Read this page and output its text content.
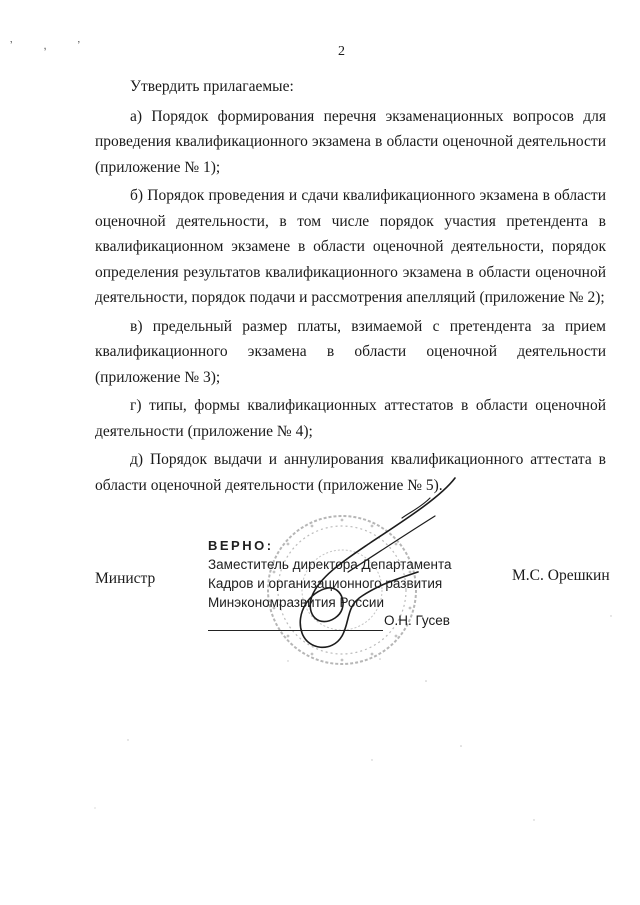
ʼ , ʼ	2

Утвердить прилагаемые:

а) Порядок формирования перечня экзаменационных вопросов для проведения квалификационного экзамена в области оценочной деятельности (приложение № 1);

б) Порядок проведения и сдачи квалификационного экзамена в области оценочной деятельности, в том числе порядок участия претендента в квалификационном экзамене в области оценочной деятельности, порядок определения результатов квалификационного экзамена в области оценочной деятельности, порядок подачи и рассмотрения апелляций (приложение № 2);

в) предельный размер платы, взимаемой с претендента за прием квалификационного экзамена в области оценочной деятельности (приложение № 3);

г) типы, формы квалификационных аттестатов в области оценочной деятельности (приложение № 4);

д) Порядок выдачи и аннулирования квалификационного аттестата в области оценочной деятельности (приложение № 5).

Министр	М.С. Орешкин
ВЕРНО:
Заместитель директора Департамента
Кадров и организационного развития
Минэкономразвития России
О.Н. Гусев
